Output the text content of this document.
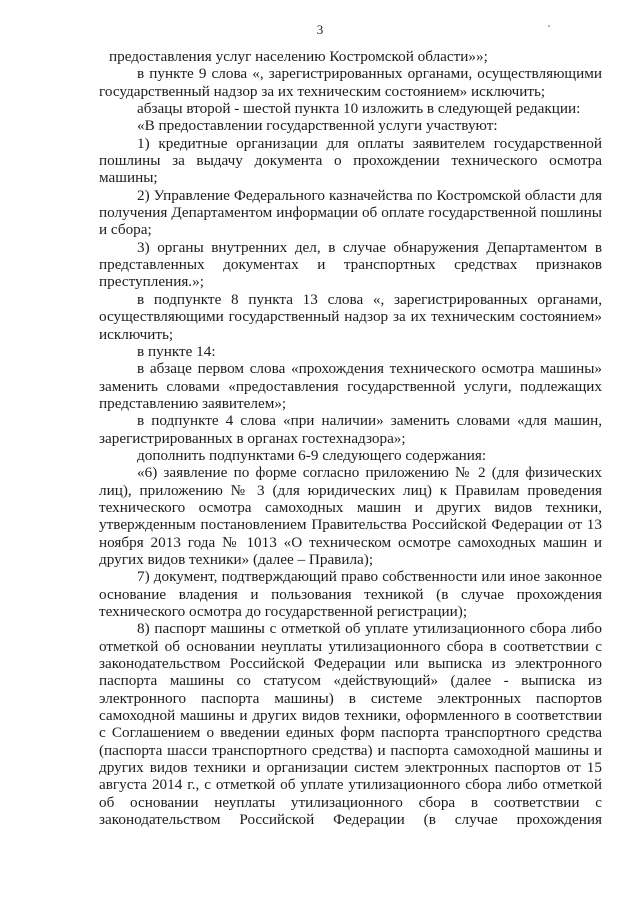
3

предоставления услуг населению Костромской области»»;

в пункте 9 слова «, зарегистрированных органами, осуществляющими государственный надзор за их техническим состоянием» исключить;

абзацы второй - шестой пункта 10 изложить в следующей редакции:

«В предоставлении государственной услуги участвуют:

1) кредитные организации для оплаты заявителем государственной пошлины за выдачу документа о прохождении технического осмотра машины;

2) Управление Федерального казначейства по Костромской области для получения Департаментом информации об оплате государственной пошлины и сбора;

3) органы внутренних дел, в случае обнаружения Департаментом в представленных документах и транспортных средствах признаков преступления.»;

в подпункте 8 пункта 13 слова «, зарегистрированных органами, осуществляющими государственный надзор за их техническим состоянием» исключить;

в пункте 14:

в абзаце первом слова «прохождения технического осмотра машины» заменить словами «предоставления государственной услуги, подлежащих представлению заявителем»;

в подпункте 4 слова «при наличии» заменить словами «для машин, зарегистрированных в органах гостехнадзора»;

дополнить подпунктами 6-9 следующего содержания:

«6) заявление по форме согласно приложению № 2 (для физических лиц), приложению № 3 (для юридических лиц) к Правилам проведения технического осмотра самоходных машин и других видов техники, утвержденным постановлением Правительства Российской Федерации от 13 ноября 2013 года № 1013 «О техническом осмотре самоходных машин и других видов техники» (далее – Правила);

7) документ, подтверждающий право собственности или иное законное основание владения и пользования техникой (в случае прохождения технического осмотра до государственной регистрации);

8) паспорт машины с отметкой об уплате утилизационного сбора либо отметкой об основании неуплаты утилизационного сбора в соответствии с законодательством Российской Федерации или выписка из электронного паспорта машины со статусом «действующий» (далее - выписка из электронного паспорта машины) в системе электронных паспортов самоходной машины и других видов техники, оформленного в соответствии с Соглашением о введении единых форм паспорта транспортного средства (паспорта шасси транспортного средства) и паспорта самоходной машины и других видов техники и организации систем электронных паспортов от 15 августа 2014 г., с отметкой об уплате утилизационного сбора либо отметкой об основании неуплаты утилизационного сбора в соответствии с законодательством Российской Федерации (в случае прохождения
